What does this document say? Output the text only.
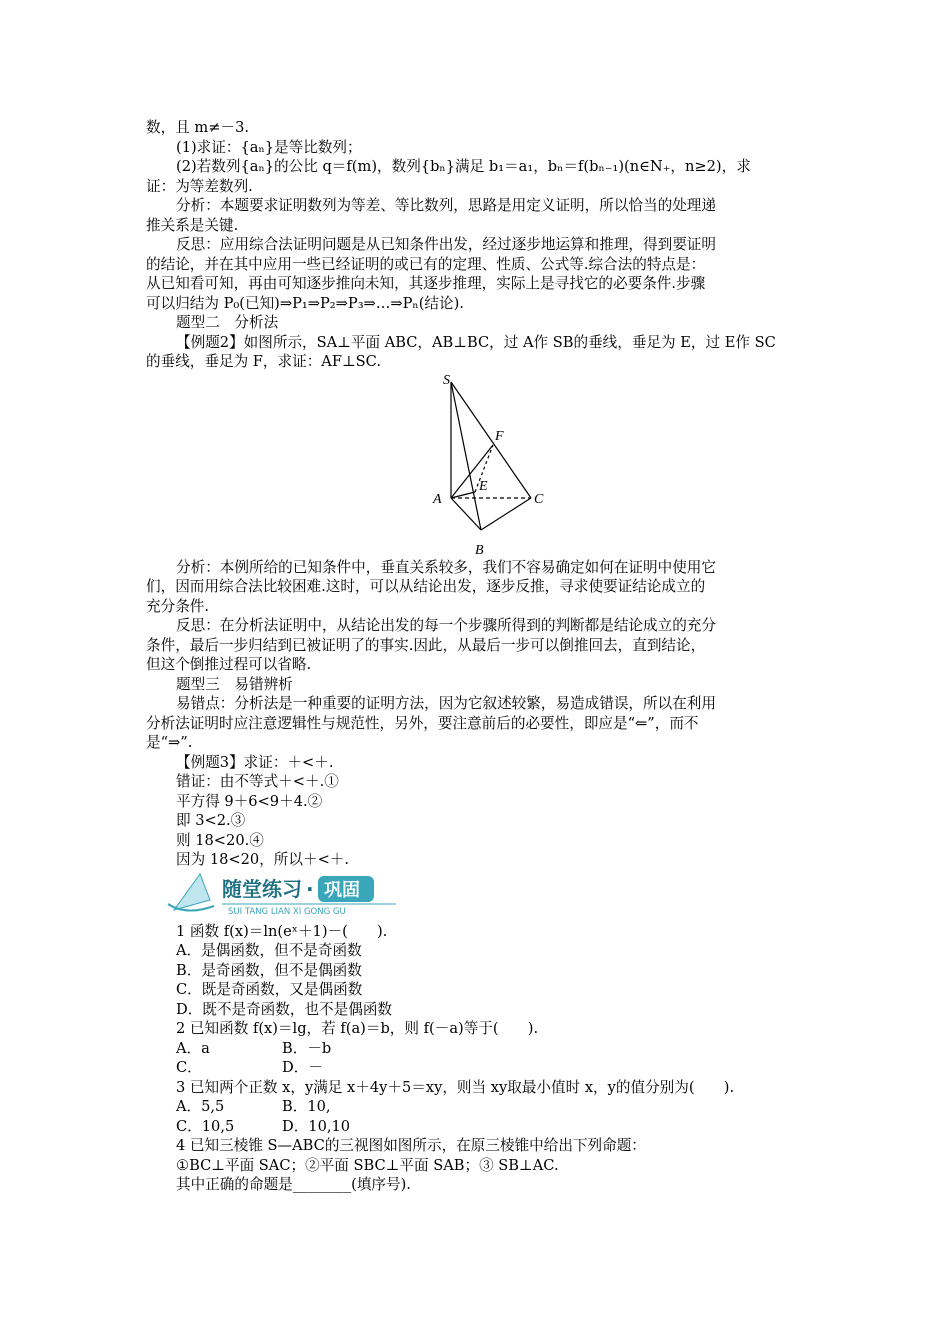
数，且 m≠－3.
(1)求证：{aₙ}是等比数列；
(2)若数列{aₙ}的公比 q＝f(m)，数列{bₙ}满足 b₁＝a₁，bₙ＝f(bₙ₋₁)(n∈N₊，n≥2)，求
证：为等差数列.
分析：本题要求证明数列为等差、等比数列，思路是用定义证明，所以恰当的处理递
推关系是关键.
反思：应用综合法证明问题是从已知条件出发，经过逐步地运算和推理，得到要证明
的结论，并在其中应用一些已经证明的或已有的定理、性质、公式等.综合法的特点是：
从已知看可知，再由可知逐步推向未知，其逐步推理，实际上是寻找它的必要条件.步骤
可以归结为 P₀(已知)⇒P₁⇒P₂⇒P₃⇒…⇒Pₙ(结论).
题型二　分析法
【例题2】如图所示，SA⊥平面 ABC，AB⊥BC，过 A作 SB的垂线，垂足为 E，过 E作 SC
的垂线，垂足为 F，求证：AF⊥SC.
S
A
B
C
E
F
分析：本例所给的已知条件中，垂直关系较多，我们不容易确定如何在证明中使用它
们，因而用综合法比较困难.这时，可以从结论出发，逐步反推，寻求使要证结论成立的
充分条件.
反思：在分析法证明中，从结论出发的每一个步骤所得到的判断都是结论成立的充分
条件，最后一步归结到已被证明了的事实.因此，从最后一步可以倒推回去，直到结论，
但这个倒推过程可以省略.
题型三　易错辨析
易错点：分析法是一种重要的证明方法，因为它叙述较繁，易造成错误，所以在利用
分析法证明时应注意逻辑性与规范性，另外，要注意前后的必要性，即应是“⇐”，而不
是“⇒”.
【例题3】求证：＋<＋.
错证：由不等式＋<＋.①
平方得 9＋6<9＋4.②
即 3<2.③
则 18<20.④
因为 18<20，所以＋<＋.
随堂练习 · 巩固
SUI TANG LIAN XI GONG GU
1 函数 f(x)＝ln(eˣ＋1)－(　　).
A．是偶函数，但不是奇函数
B．是奇函数，但不是偶函数
C．既是奇函数，又是偶函数
D．既不是奇函数，也不是偶函数
2 已知函数 f(x)＝lg，若 f(a)＝b，则 f(－a)等于(　　).
A．a	B．－b
C．	D．－
3 已知两个正数 x，y满足 x＋4y＋5＝xy，则当 xy取最小值时 x，y的值分别为(　　).
A．5,5	B．10,
C．10,5	D．10,10
4 已知三棱锥 S—ABC的三视图如图所示，在原三棱锥中给出下列命题：
①BC⊥平面 SAC；②平面 SBC⊥平面 SAB；③ SB⊥AC.
其中正确的命题是________(填序号).
